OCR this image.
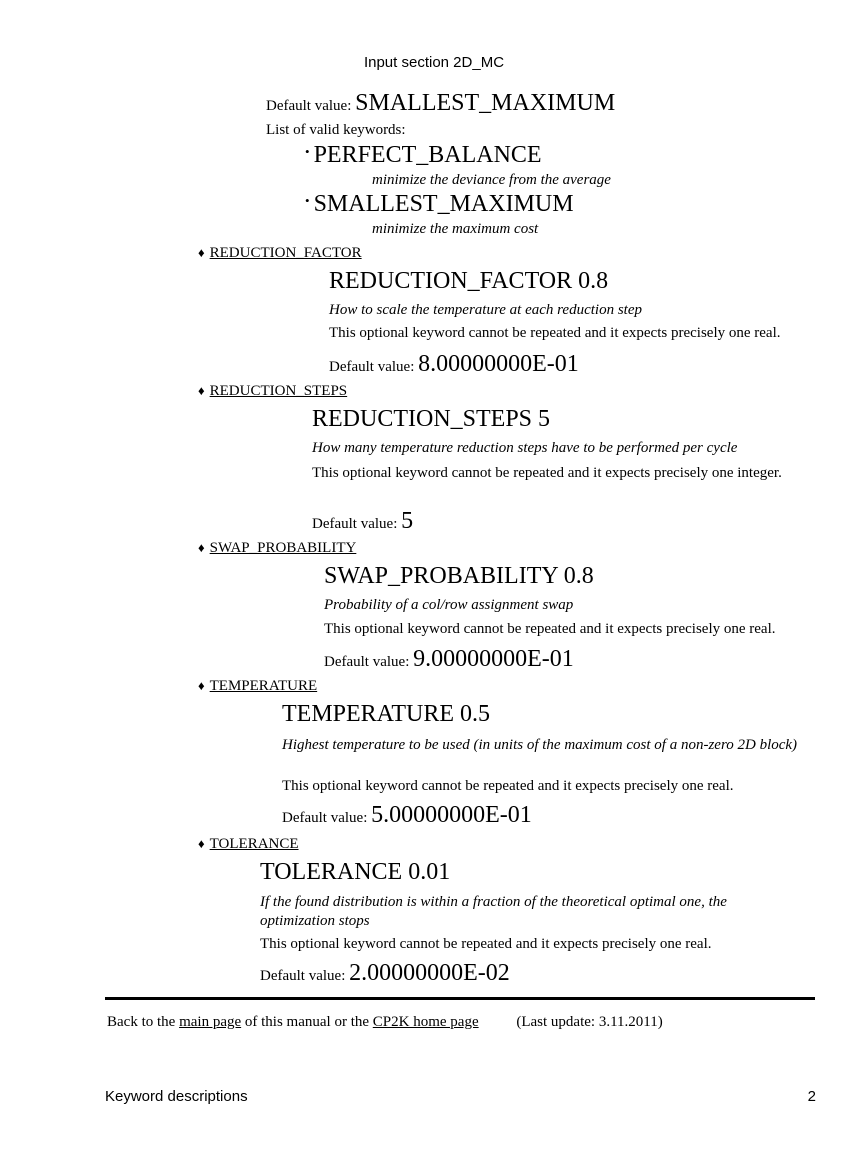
Input section 2D_MC
Default value: SMALLEST_MAXIMUM
List of valid keywords:
• PERFECT_BALANCE
minimize the deviance from the average
• SMALLEST_MAXIMUM
minimize the maximum cost
♦ REDUCTION_FACTOR
REDUCTION_FACTOR 0.8
How to scale the temperature at each reduction step
This optional keyword cannot be repeated and it expects precisely one real.
Default value: 8.00000000E-01
♦ REDUCTION_STEPS
REDUCTION_STEPS 5
How many temperature reduction steps have to be performed per cycle
This optional keyword cannot be repeated and it expects precisely one integer.
Default value: 5
♦ SWAP_PROBABILITY
SWAP_PROBABILITY 0.8
Probability of a col/row assignment swap
This optional keyword cannot be repeated and it expects precisely one real.
Default value: 9.00000000E-01
♦ TEMPERATURE
TEMPERATURE 0.5
Highest temperature to be used (in units of the maximum cost of a non-zero 2D block)
This optional keyword cannot be repeated and it expects precisely one real.
Default value: 5.00000000E-01
♦ TOLERANCE
TOLERANCE 0.01
If the found distribution is within a fraction of the theoretical optimal one, the optimization stops
This optional keyword cannot be repeated and it expects precisely one real.
Default value: 2.00000000E-02
Back to the main page of this manual or the CP2K home page	(Last update: 3.11.2011)
Keyword descriptions	2
